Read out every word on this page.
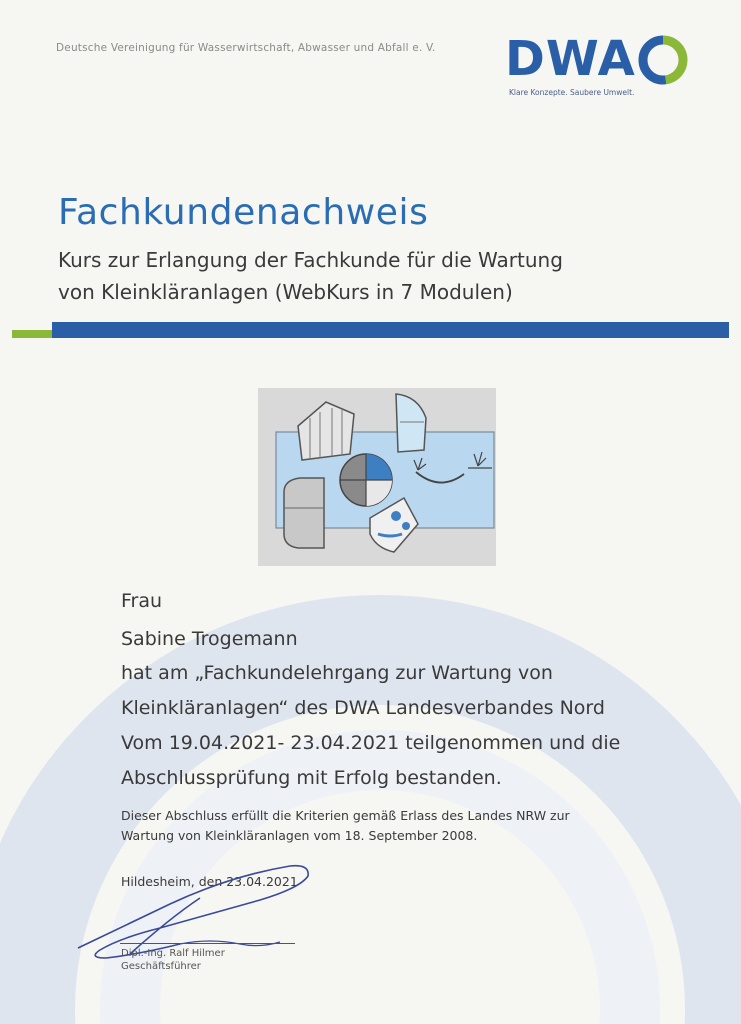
Deutsche Vereinigung für Wasserwirtschaft, Abwasser und Abfall e. V. DWA
Klare Konzepte. Saubere Umwelt.
Fachkundenachweis
Kurs zur Erlangung der Fachkunde für die Wartung
von Kleinkläranlagen (WebKurs in 7 Modulen)
Frau
Sabine Trogemann
hat am „Fachkundelehrgang zur Wartung von
Kleinkläranlagen“ des DWA Landesverbandes Nord
Vom 19.04.2021- 23.04.2021 teilgenommen und die
Abschlussprüfung mit Erfolg bestanden.
Dieser Abschluss erfüllt die Kriterien gemäß Erlass des Landes NRW zur
Wartung von Kleinkläranlagen vom 18. September 2008.
Hildesheim, den 23.04.2021
Dipl.-Ing. Ralf Hilmer
Geschäftsführer
